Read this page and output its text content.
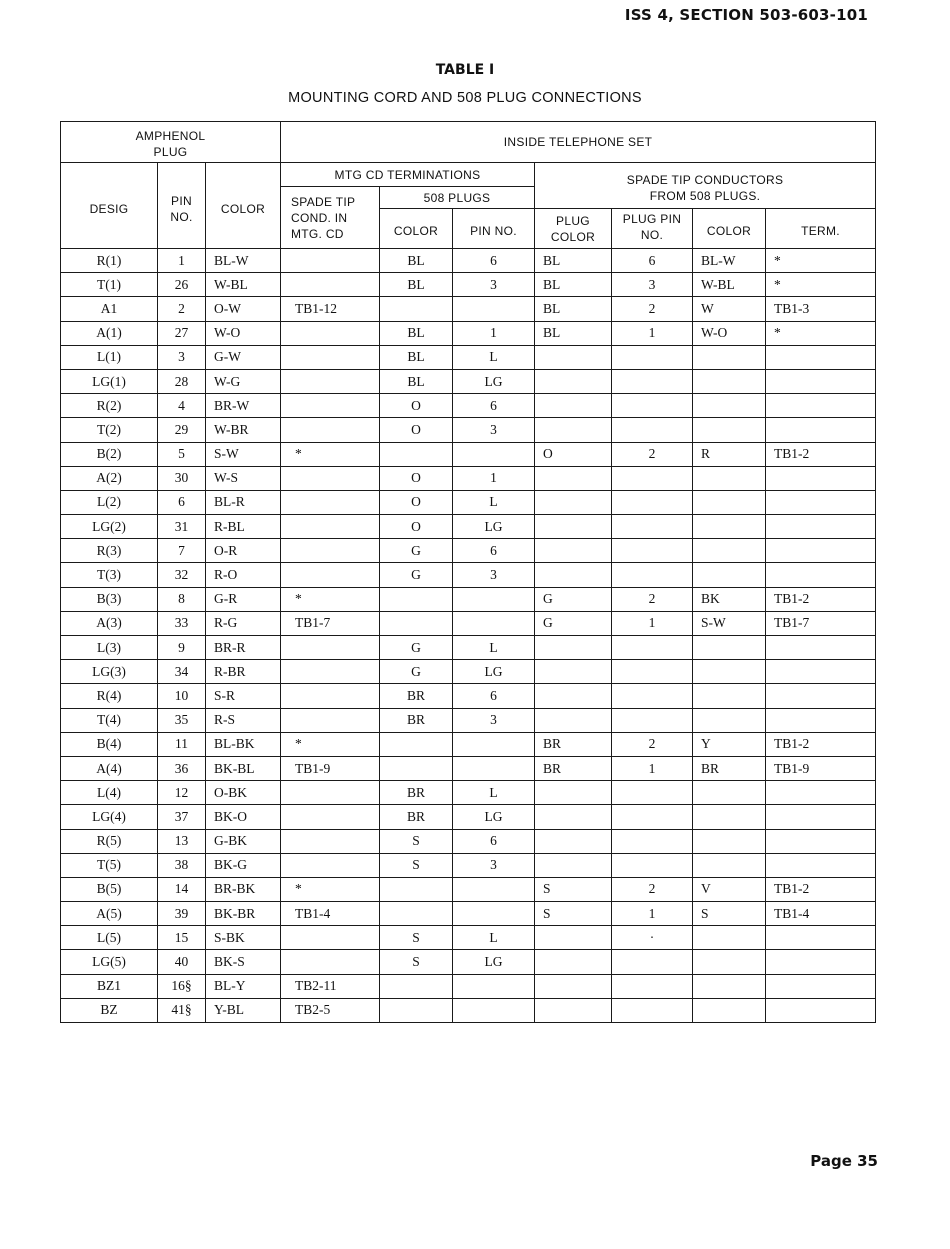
ISS 4, SECTION 503-603-101
TABLE I
MOUNTING CORD AND 508 PLUG CONNECTIONS
AMPHENOL PLUG			INSIDE TELEPHONE SET						
DESIG	PIN NO.	COLOR	MTG CD TERMINATIONS			SPADE TIP CONDUCTORS FROM 508 PLUGS.			
			SPADE TIP COND. IN MTG. CD	508 PLUGS					
				COLOR	PIN NO.	PLUG COLOR	PLUG PIN NO.	COLOR	TERM.
R(1)	1	BL-W		BL	6	BL	6	BL-W	*
T(1)	26	W-BL		BL	3	BL	3	W-BL	*
A1	2	O-W	TB1-12			BL	2	W	TB1-3
A(1)	27	W-O		BL	1	BL	1	W-O	*
L(1)	3	G-W		BL	L				
LG(1)	28	W-G		BL	LG				
R(2)	4	BR-W		O	6				
T(2)	29	W-BR		O	3				
B(2)	5	S-W	*			O	2	R	TB1-2
A(2)	30	W-S		O	1				
L(2)	6	BL-R		O	L				
LG(2)	31	R-BL		O	LG				
R(3)	7	O-R		G	6				
T(3)	32	R-O		G	3				
B(3)	8	G-R	*			G	2	BK	TB1-2
A(3)	33	R-G	TB1-7			G	1	S-W	TB1-7
L(3)	9	BR-R		G	L				
LG(3)	34	R-BR		G	LG				
R(4)	10	S-R		BR	6				
T(4)	35	R-S		BR	3				
B(4)	11	BL-BK	*			BR	2	Y	TB1-2
A(4)	36	BK-BL	TB1-9			BR	1	BR	TB1-9
L(4)	12	O-BK		BR	L				
LG(4)	37	BK-O		BR	LG				
R(5)	13	G-BK		S	6				
T(5)	38	BK-G		S	3				
B(5)	14	BR-BK	*			S	2	V	TB1-2
A(5)	39	BK-BR	TB1-4			S	1	S	TB1-4
L(5)	15	S-BK		S	L		·		
LG(5)	40	BK-S		S	LG				
BZ1	16§	BL-Y	TB2-11						
BZ	41§	Y-BL	TB2-5						
Page 35
